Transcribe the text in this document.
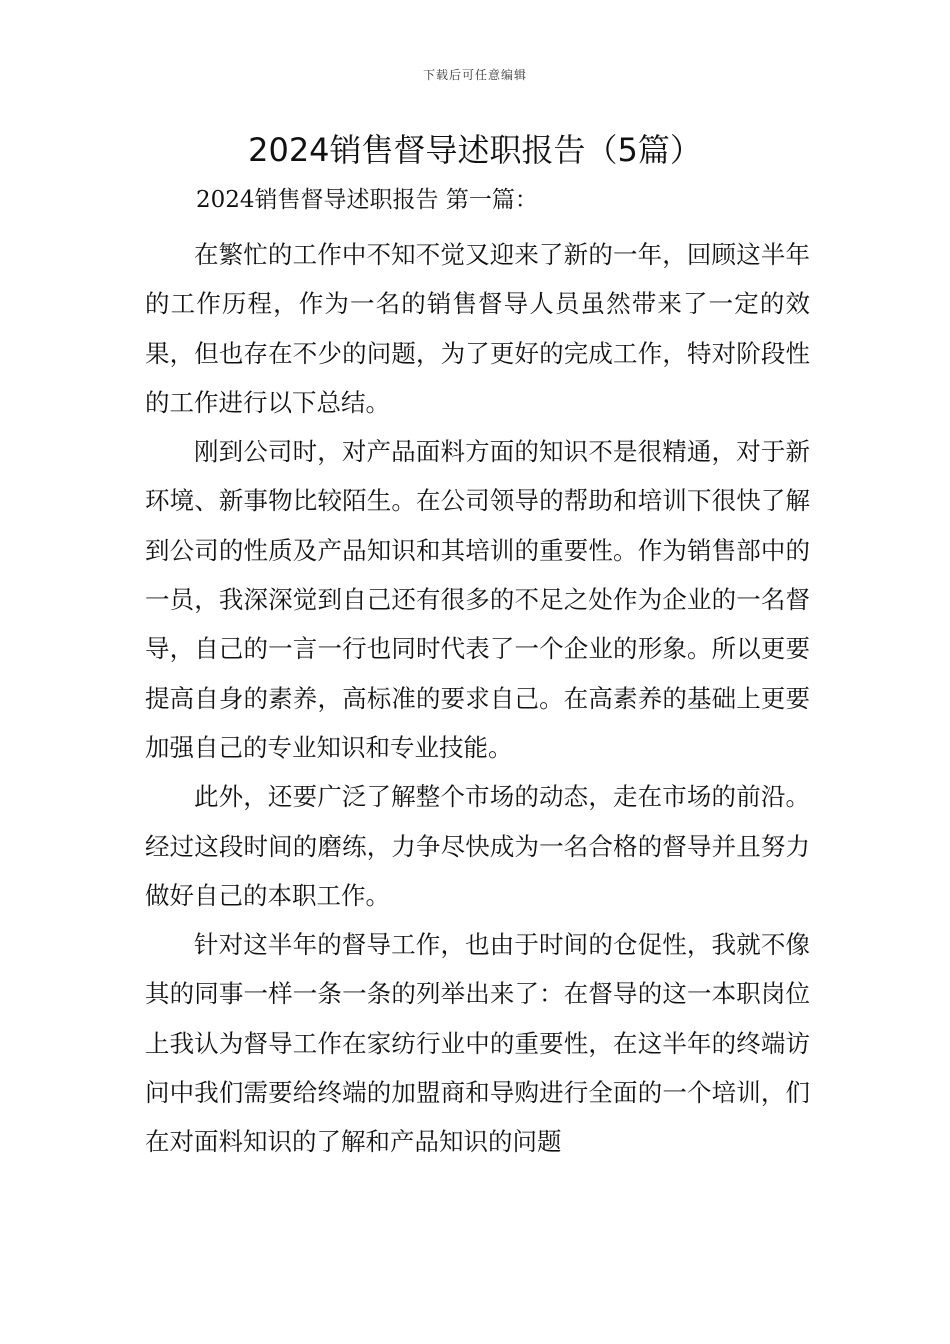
下载后可任意编辑
2024销售督导述职报告（5篇）
2024销售督导述职报告 第一篇：

在繁忙的工作中不知不觉又迎来了新的一年，回顾这半年的工作历程，作为一名的销售督导人员虽然带来了一定的效果，但也存在不少的问题，为了更好的完成工作，特对阶段性的工作进行以下总结。

刚到公司时，对产品面料方面的知识不是很精通，对于新环境、新事物比较陌生。在公司领导的帮助和培训下很快了解到公司的性质及产品知识和其培训的重要性。作为销售部中的一员，我深深觉到自己还有很多的不足之处作为企业的一名督导，自己的一言一行也同时代表了一个企业的形象。所以更要提高自身的素养，高标准的要求自己。在高素养的基础上更要加强自己的专业知识和专业技能。

此外，还要广泛了解整个市场的动态，走在市场的前沿。经过这段时间的磨练，力争尽快成为一名合格的督导并且努力做好自己的本职工作。

针对这半年的督导工作，也由于时间的仓促性，我就不像其的同事一样一条一条的列举出来了：在督导的这一本职岗位上我认为督导工作在家纺行业中的重要性，在这半年的终端访问中我们需要给终端的加盟商和导购进行全面的一个培训，们在对面料知识的了解和产品知识的问题
